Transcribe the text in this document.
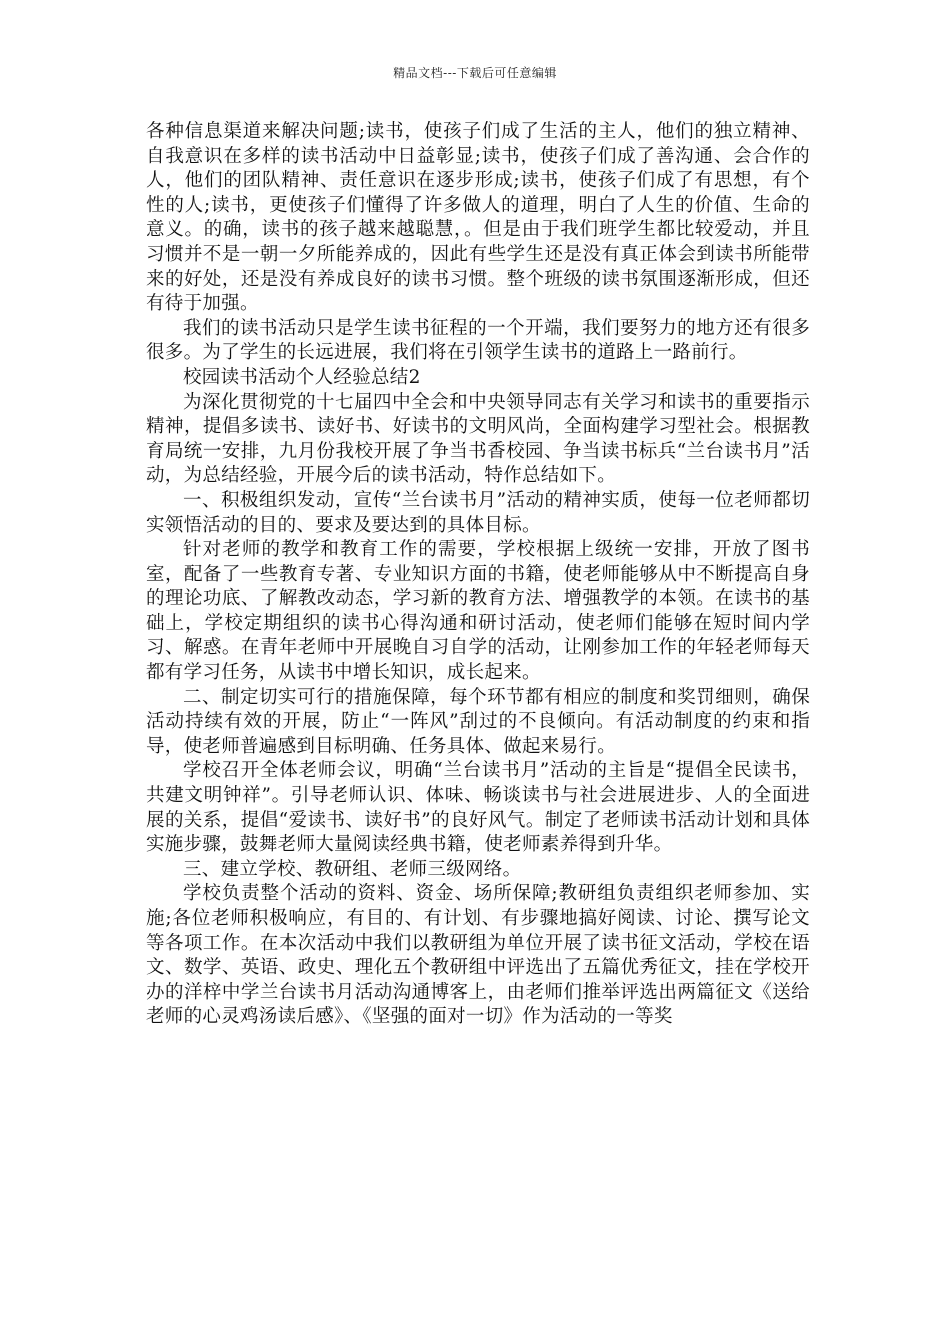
精品文档---下载后可任意编辑

各种信息渠道来解决问题;读书，使孩子们成了生活的主人，他们的独立精神、自我意识在多样的读书活动中日益彰显;读书，使孩子们成了善沟通、会合作的人，他们的团队精神、责任意识在逐步形成;读书，使孩子们成了有思想，有个性的人;读书，更使孩子们懂得了许多做人的道理，明白了人生的价值、生命的意义。的确，读书的孩子越来越聪慧，。但是由于我们班学生都比较爱动，并且习惯并不是一朝一夕所能养成的，因此有些学生还是没有真正体会到读书所能带来的好处，还是没有养成良好的读书习惯。整个班级的读书氛围逐渐形成，但还有待于加强。

我们的读书活动只是学生读书征程的一个开端，我们要努力的地方还有很多很多。为了学生的长远进展，我们将在引领学生读书的道路上一路前行。

校园读书活动个人经验总结2

为深化贯彻党的十七届四中全会和中央领导同志有关学习和读书的重要指示精神，提倡多读书、读好书、好读书的文明风尚，全面构建学习型社会。根据教育局统一安排，九月份我校开展了争当书香校园、争当读书标兵“兰台读书月”活动，为总结经验，开展今后的读书活动，特作总结如下。

一、积极组织发动，宣传“兰台读书月”活动的精神实质，使每一位老师都切实领悟活动的目的、要求及要达到的具体目标。

针对老师的教学和教育工作的需要，学校根据上级统一安排，开放了图书室，配备了一些教育专著、专业知识方面的书籍，使老师能够从中不断提高自身的理论功底、了解教改动态，学习新的教育方法、增强教学的本领。在读书的基础上，学校定期组织的读书心得沟通和研讨活动，使老师们能够在短时间内学习、解惑。在青年老师中开展晚自习自学的活动，让刚参加工作的年轻老师每天都有学习任务，从读书中增长知识，成长起来。

二、制定切实可行的措施保障，每个环节都有相应的制度和奖罚细则，确保活动持续有效的开展，防止“一阵风”刮过的不良倾向。有活动制度的约束和指导，使老师普遍感到目标明确、任务具体、做起来易行。

学校召开全体老师会议，明确“兰台读书月”活动的主旨是“提倡全民读书，共建文明钟祥”。引导老师认识、体味、畅谈读书与社会进展进步、人的全面进展的关系，提倡“爱读书、读好书”的良好风气。制定了老师读书活动计划和具体实施步骤，鼓舞老师大量阅读经典书籍，使老师素养得到升华。

三、建立学校、教研组、老师三级网络。

学校负责整个活动的资料、资金、场所保障;教研组负责组织老师参加、实施;各位老师积极响应，有目的、有计划、有步骤地搞好阅读、讨论、撰写论文等各项工作。在本次活动中我们以教研组为单位开展了读书征文活动，学校在语文、数学、英语、政史、理化五个教研组中评选出了五篇优秀征文，挂在学校开办的洋梓中学兰台读书月活动沟通博客上，由老师们推举评选出两篇征文《送给老师的心灵鸡汤读后感》、《坚强的面对一切》作为活动的一等奖
